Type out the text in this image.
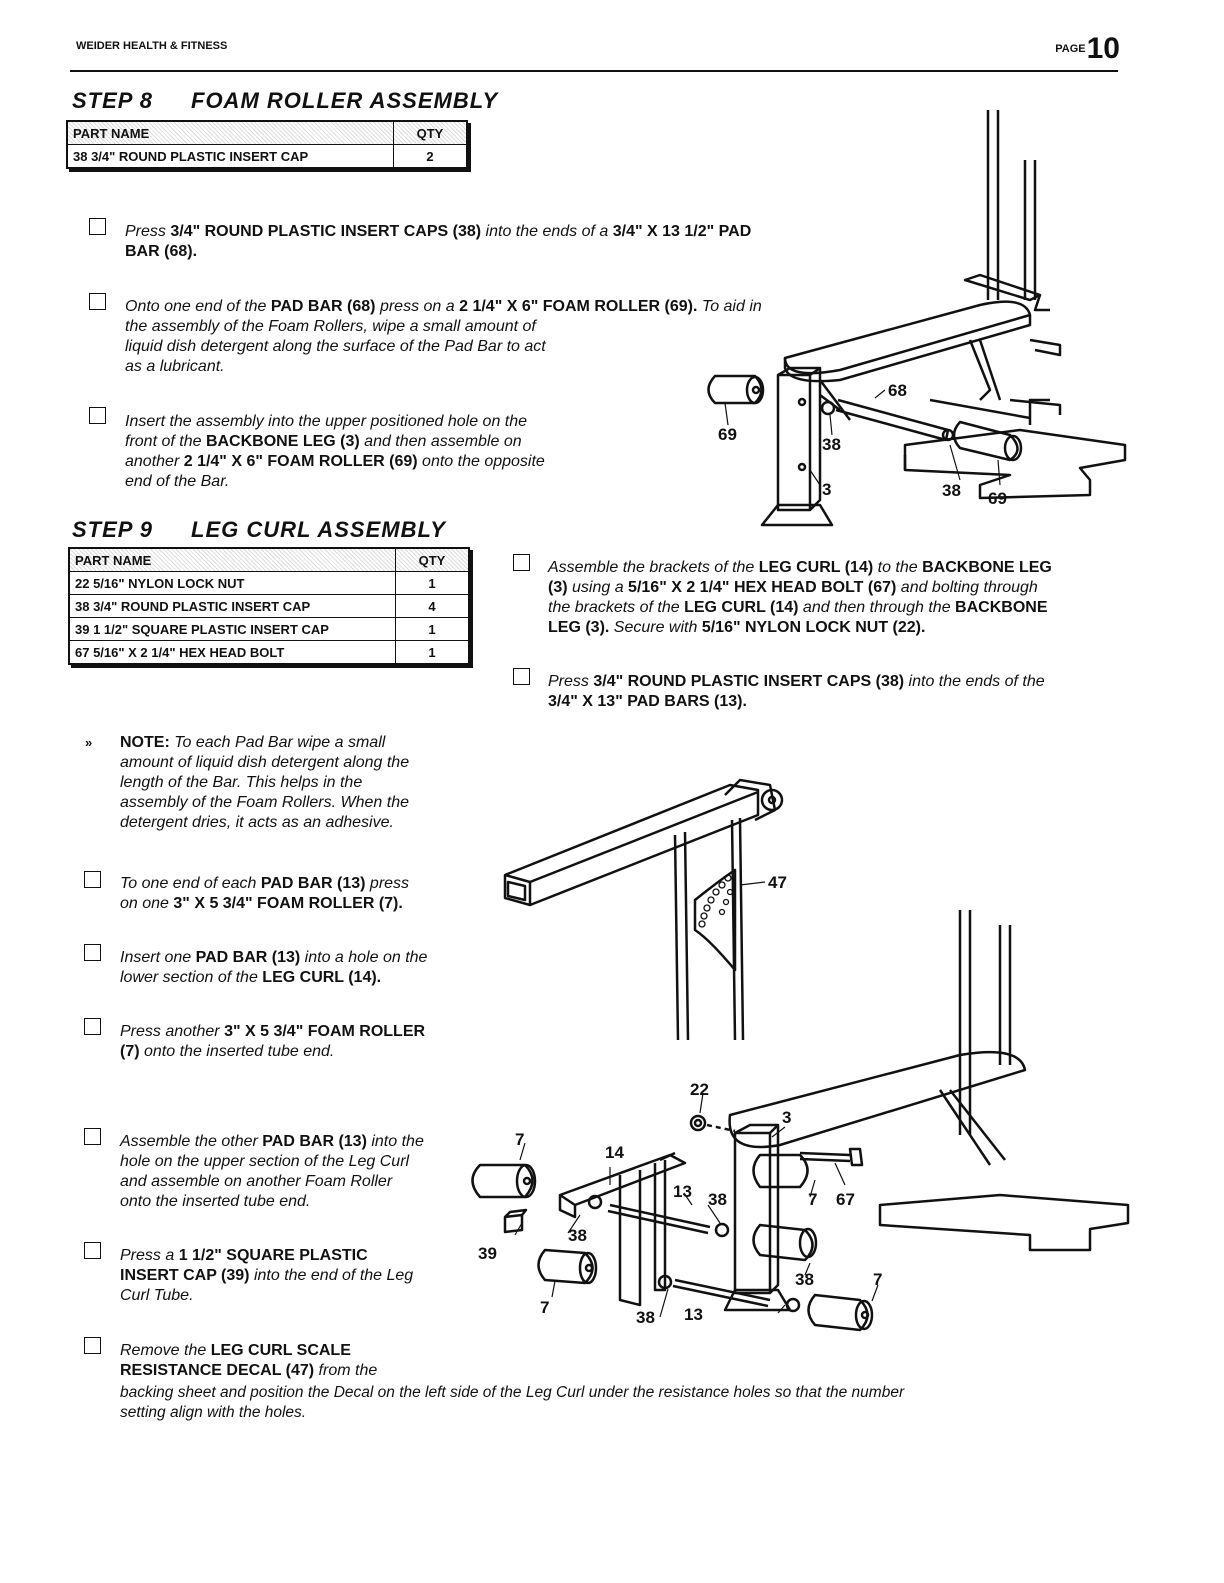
WEIDER HEALTH & FITNESS	PAGE10
STEP 8 FOAM ROLLER ASSEMBLY
PART NAME	QTY
38 3/4" ROUND PLASTIC INSERT CAP	2
Press 3/4" ROUND PLASTIC INSERT CAPS (38) into the ends of a 3/4" X 13 1/2" PAD
BAR (68).
Onto one end of the PAD BAR (68) press on a 2 1/4" X 6" FOAM ROLLER (69). To aid in
the assembly of the Foam Rollers, wipe a small amount of
liquid dish detergent along the surface of the Pad Bar to act
as a lubricant.
Insert the assembly into the upper positioned hole on the
front of the BACKBONE LEG (3) and then assemble on
another 2 1/4" X 6" FOAM ROLLER (69) onto the opposite
end of the Bar.
68
69
38
3	38 69
STEP 9 LEG CURL ASSEMBLY
PART NAME	QTY
22 5/16" NYLON LOCK NUT	1
38 3/4" ROUND PLASTIC INSERT CAP	4
39 1 1/2" SQUARE PLASTIC INSERT CAP	1
67 5/16" X 2 1/4" HEX HEAD BOLT	1
Assemble the brackets of the LEG CURL (14) to the BACKBONE LEG
(3) using a 5/16" X 2 1/4" HEX HEAD BOLT (67) and bolting through
the brackets of the LEG CURL (14) and then through the BACKBONE
LEG (3). Secure with 5/16" NYLON LOCK NUT (22).
Press 3/4" ROUND PLASTIC INSERT CAPS (38) into the ends of the
3/4" X 13" PAD BARS (13).
»	NOTE: To each Pad Bar wipe a small
amount of liquid dish detergent along the
length of the Bar. This helps in the
assembly of the Foam Rollers. When the
detergent dries, it acts as an adhesive.
To one end of each PAD BAR (13) press
on one 3" X 5 3/4" FOAM ROLLER (7).
Insert one PAD BAR (13) into a hole on the
lower section of the LEG CURL (14).
Press another 3" X 5 3/4" FOAM ROLLER
(7) onto the inserted tube end.
Assemble the other PAD BAR (13) into the
hole on the upper section of the Leg Curl
and assemble on another Foam Roller
onto the inserted tube end.
Press a 1 1/2" SQUARE PLASTIC
INSERT CAP (39) into the end of the Leg
Curl Tube.
Remove the LEG CURL SCALE
RESISTANCE DECAL (47) from the
backing sheet and position the Decal on the left side of the Leg Curl under the resistance holes so that the number
setting align with the holes.
47
22
3
14
7
13 38	7 67
38
39
7
38
13
38
7
